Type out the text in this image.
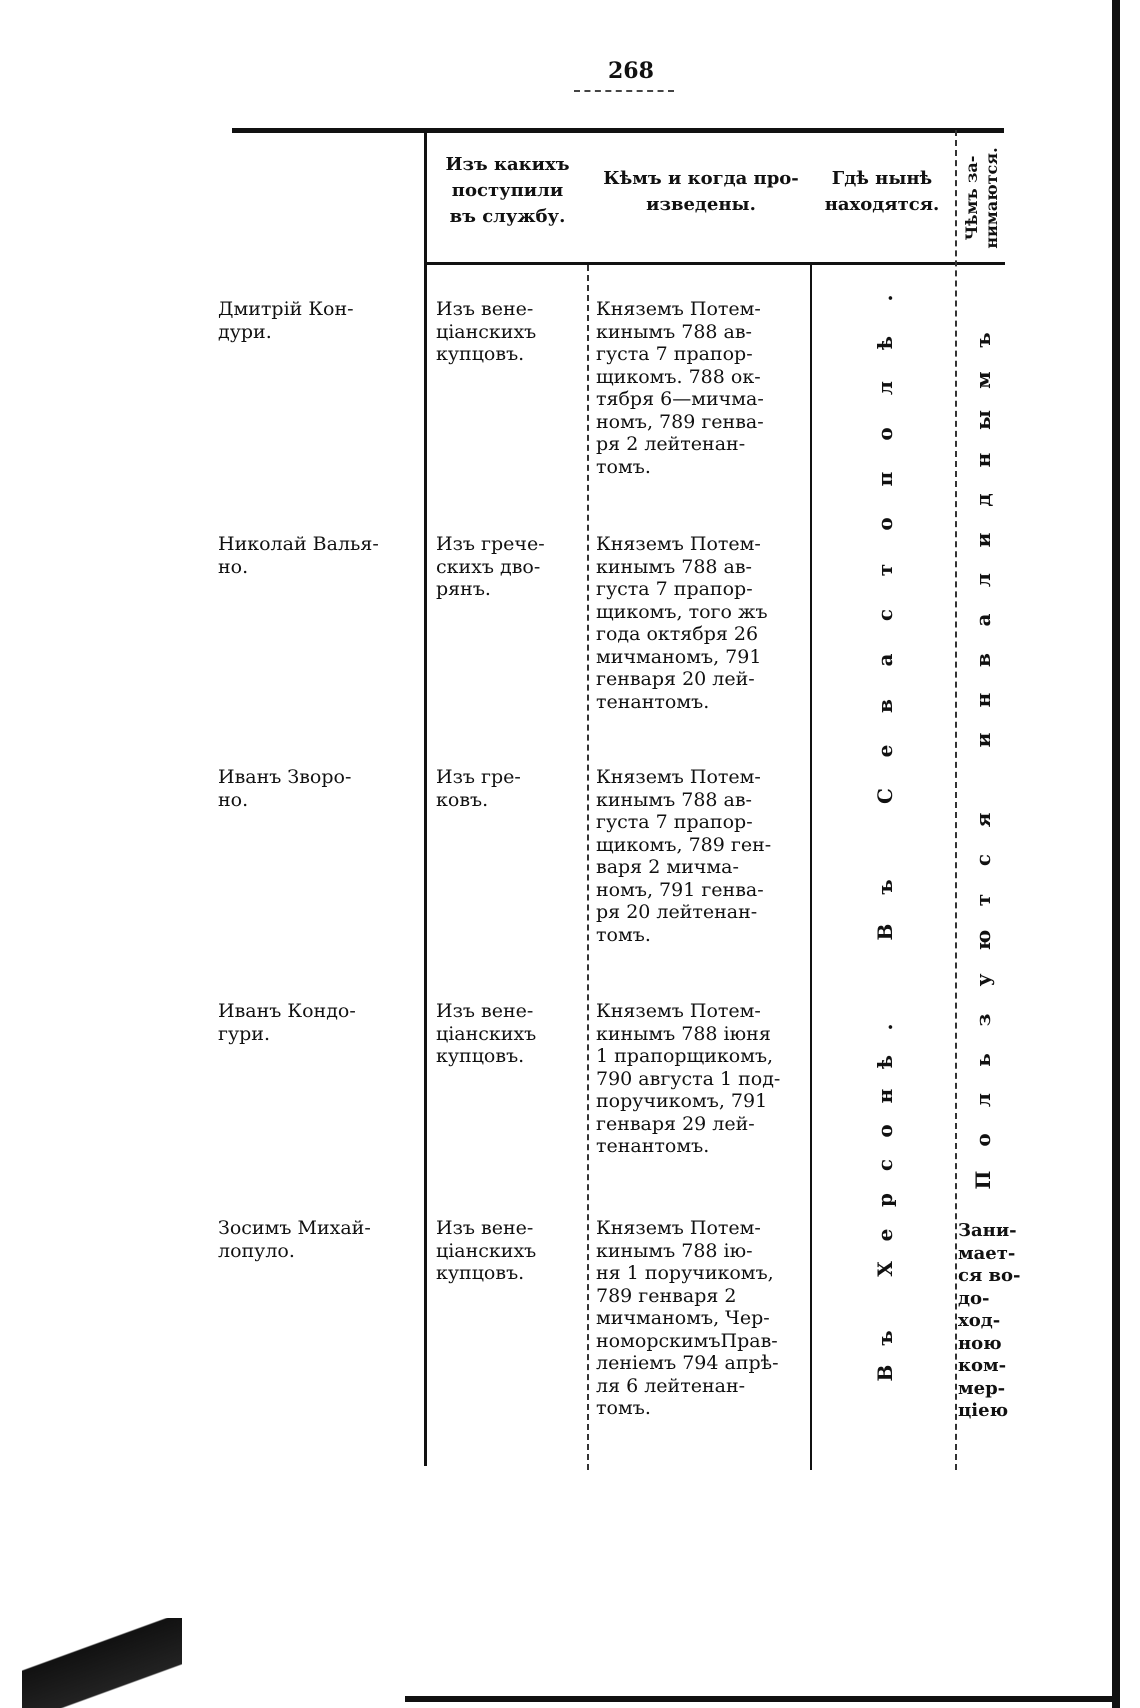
268
Изъ какихъ
поступили
въ службу.
Кѣмъ и когда про-
изведены.
Гдѣ нынѣ
находятся.	Чѣмъ за-
нимаются.
Дмитрій Кон-
дури.
Изъ вене-
ціанскихъ
купцовъ.
Княземъ Потем-
кинымъ 788 ав-
густа 7 прапор-
щикомъ. 788 ок-
тября 6—мичма-
номъ, 789 генва-
ря 2 лейтенан-
томъ.
Николай Валья-
но.
Изъ грече-
скихъ дво-
рянъ.
Княземъ Потем-
кинымъ 788 ав-
густа 7 прапор-
щикомъ, того жъ
года октября 26
мичманомъ, 791
генваря 20 лей-
тенантомъ.
Иванъ Зворо-
но.
Изъ гре-
ковъ.
Княземъ Потем-
кинымъ 788 ав-
густа 7 прапор-
щикомъ, 789 ген-
варя 2 мичма-
номъ, 791 генва-
ря 20 лейтенан-
томъ.
Иванъ Кондо-
гури.
Изъ вене-
ціанскихъ
купцовъ.
Княземъ Потем-
кинымъ 788 іюня
1 прапорщикомъ,
790 августа 1 под-
поручикомъ, 791
генваря 29 лей-
тенантомъ.
Зосимъ Михай-
лопуло.
Изъ вене-
ціанскихъ
купцовъ.
Княземъ Потем-
кинымъ 788 ію-
ня 1 поручикомъ,
789 генваря 2
мичманомъ, Чер-
номорскимъПрав-
леніемъ 794 апрѣ-
ля 6 лейтенан-
томъ.
Зани-
мает-
ся во-
до-
ход-
ною
ком-
мер-
ціею
В
ъ
С
е
в
а
с
т
о
п
о
л
ѣ
.
В
ъ
Х
е
р
с
о
н
ѣ
.
П
о
л
ь
з
у
ю
т
с
я
и
н
в
а
л
и
д
н
ы
м
ъ
